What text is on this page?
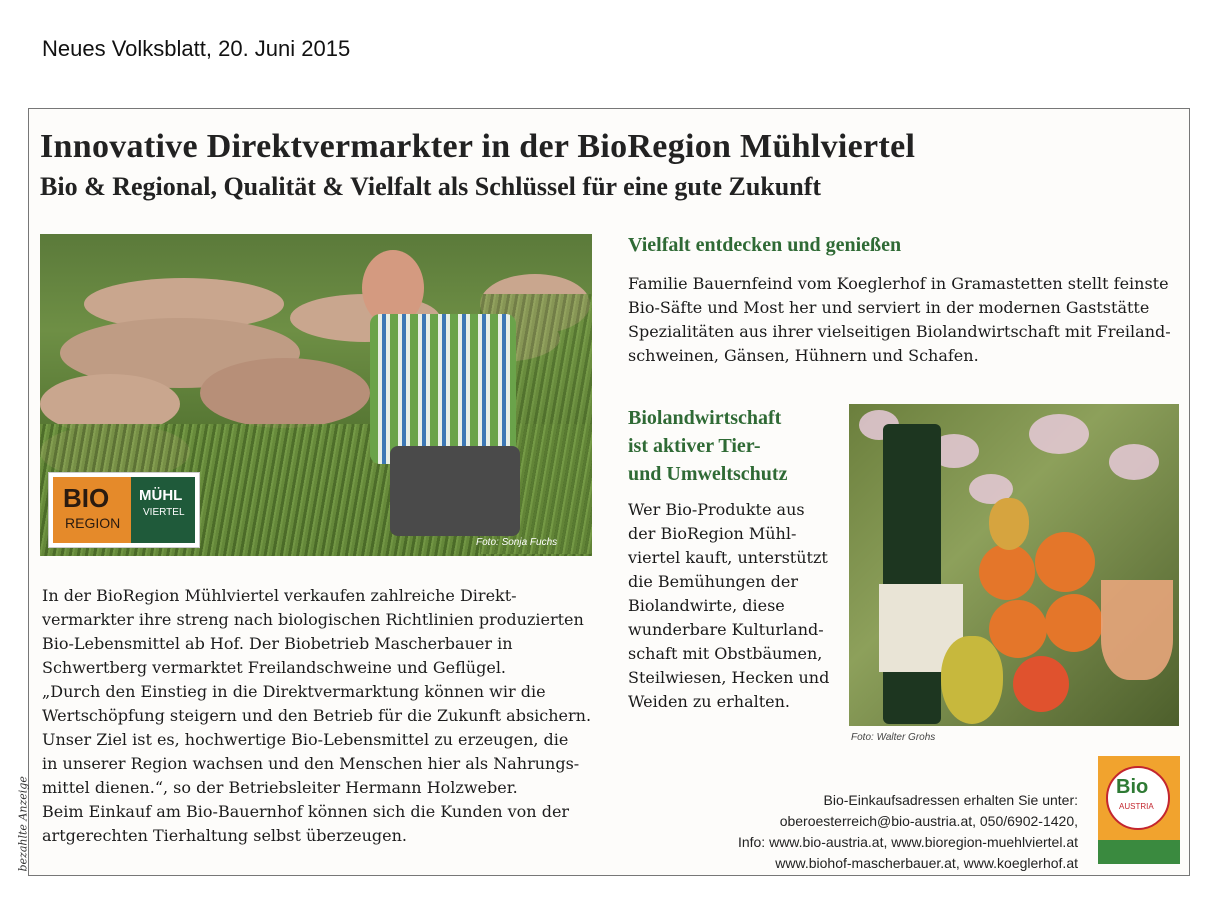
Neues Volksblatt, 20. Juni 2015
Innovative Direktvermarkter in der BioRegion Mühlviertel
Bio & Regional, Qualität & Vielfalt als Schlüssel für eine gute Zukunft
BIO
REGION
MÜHL
VIERTEL
Foto: Sonja Fuchs

In der BioRegion Mühlviertel verkaufen zahlreiche Direkt-

vermarkter ihre streng nach biologischen Richtlinien produzierten

Bio-Lebensmittel ab Hof. Der Biobetrieb Mascherbauer in

Schwertberg vermarktet Freilandschweine und Geflügel.

„Durch den Einstieg in die Direktvermarktung können wir die

Wertschöpfung steigern und den Betrieb für die Zukunft absichern.

Unser Ziel ist es, hochwertige Bio-Lebensmittel zu erzeugen, die

in unserer Region wachsen und den Menschen hier als Nahrungs-

mittel dienen.“, so der Betriebsleiter Hermann Holzweber.

Beim Einkauf am Bio-Bauernhof können sich die Kunden von der

artgerechten Tierhaltung selbst überzeugen.

Vielfalt entdecken und genießen
Familie Bauernfeind vom Koeglerhof in Gramastetten stellt feinste
Bio-Säfte und Most her und serviert in der modernen Gaststätte
Spezialitäten aus ihrer vielseitigen Biolandwirtschaft mit Freiland-
schweinen, Gänsen, Hühnern und Schafen.
Biolandwirtschaft
ist aktiver Tier-
und Umweltschutz
Wer Bio-Produkte aus
der BioRegion Mühl-
viertel kauft, unterstützt
die Bemühungen der
Biolandwirte, diese
wunderbare Kulturland-
schaft mit Obstbäumen,
Steilwiesen, Hecken und
Weiden zu erhalten.
Foto: Walter Grohs
Bio-Einkaufsadressen erhalten Sie unter:
oberoesterreich@bio-austria.at, 050/6902-1420,
Info: www.bio-austria.at, www.bioregion-muehlviertel.at
www.biohof-mascherbauer.at, www.koeglerhof.at
Bio
AUSTRIA
bezahlte Anzeige
